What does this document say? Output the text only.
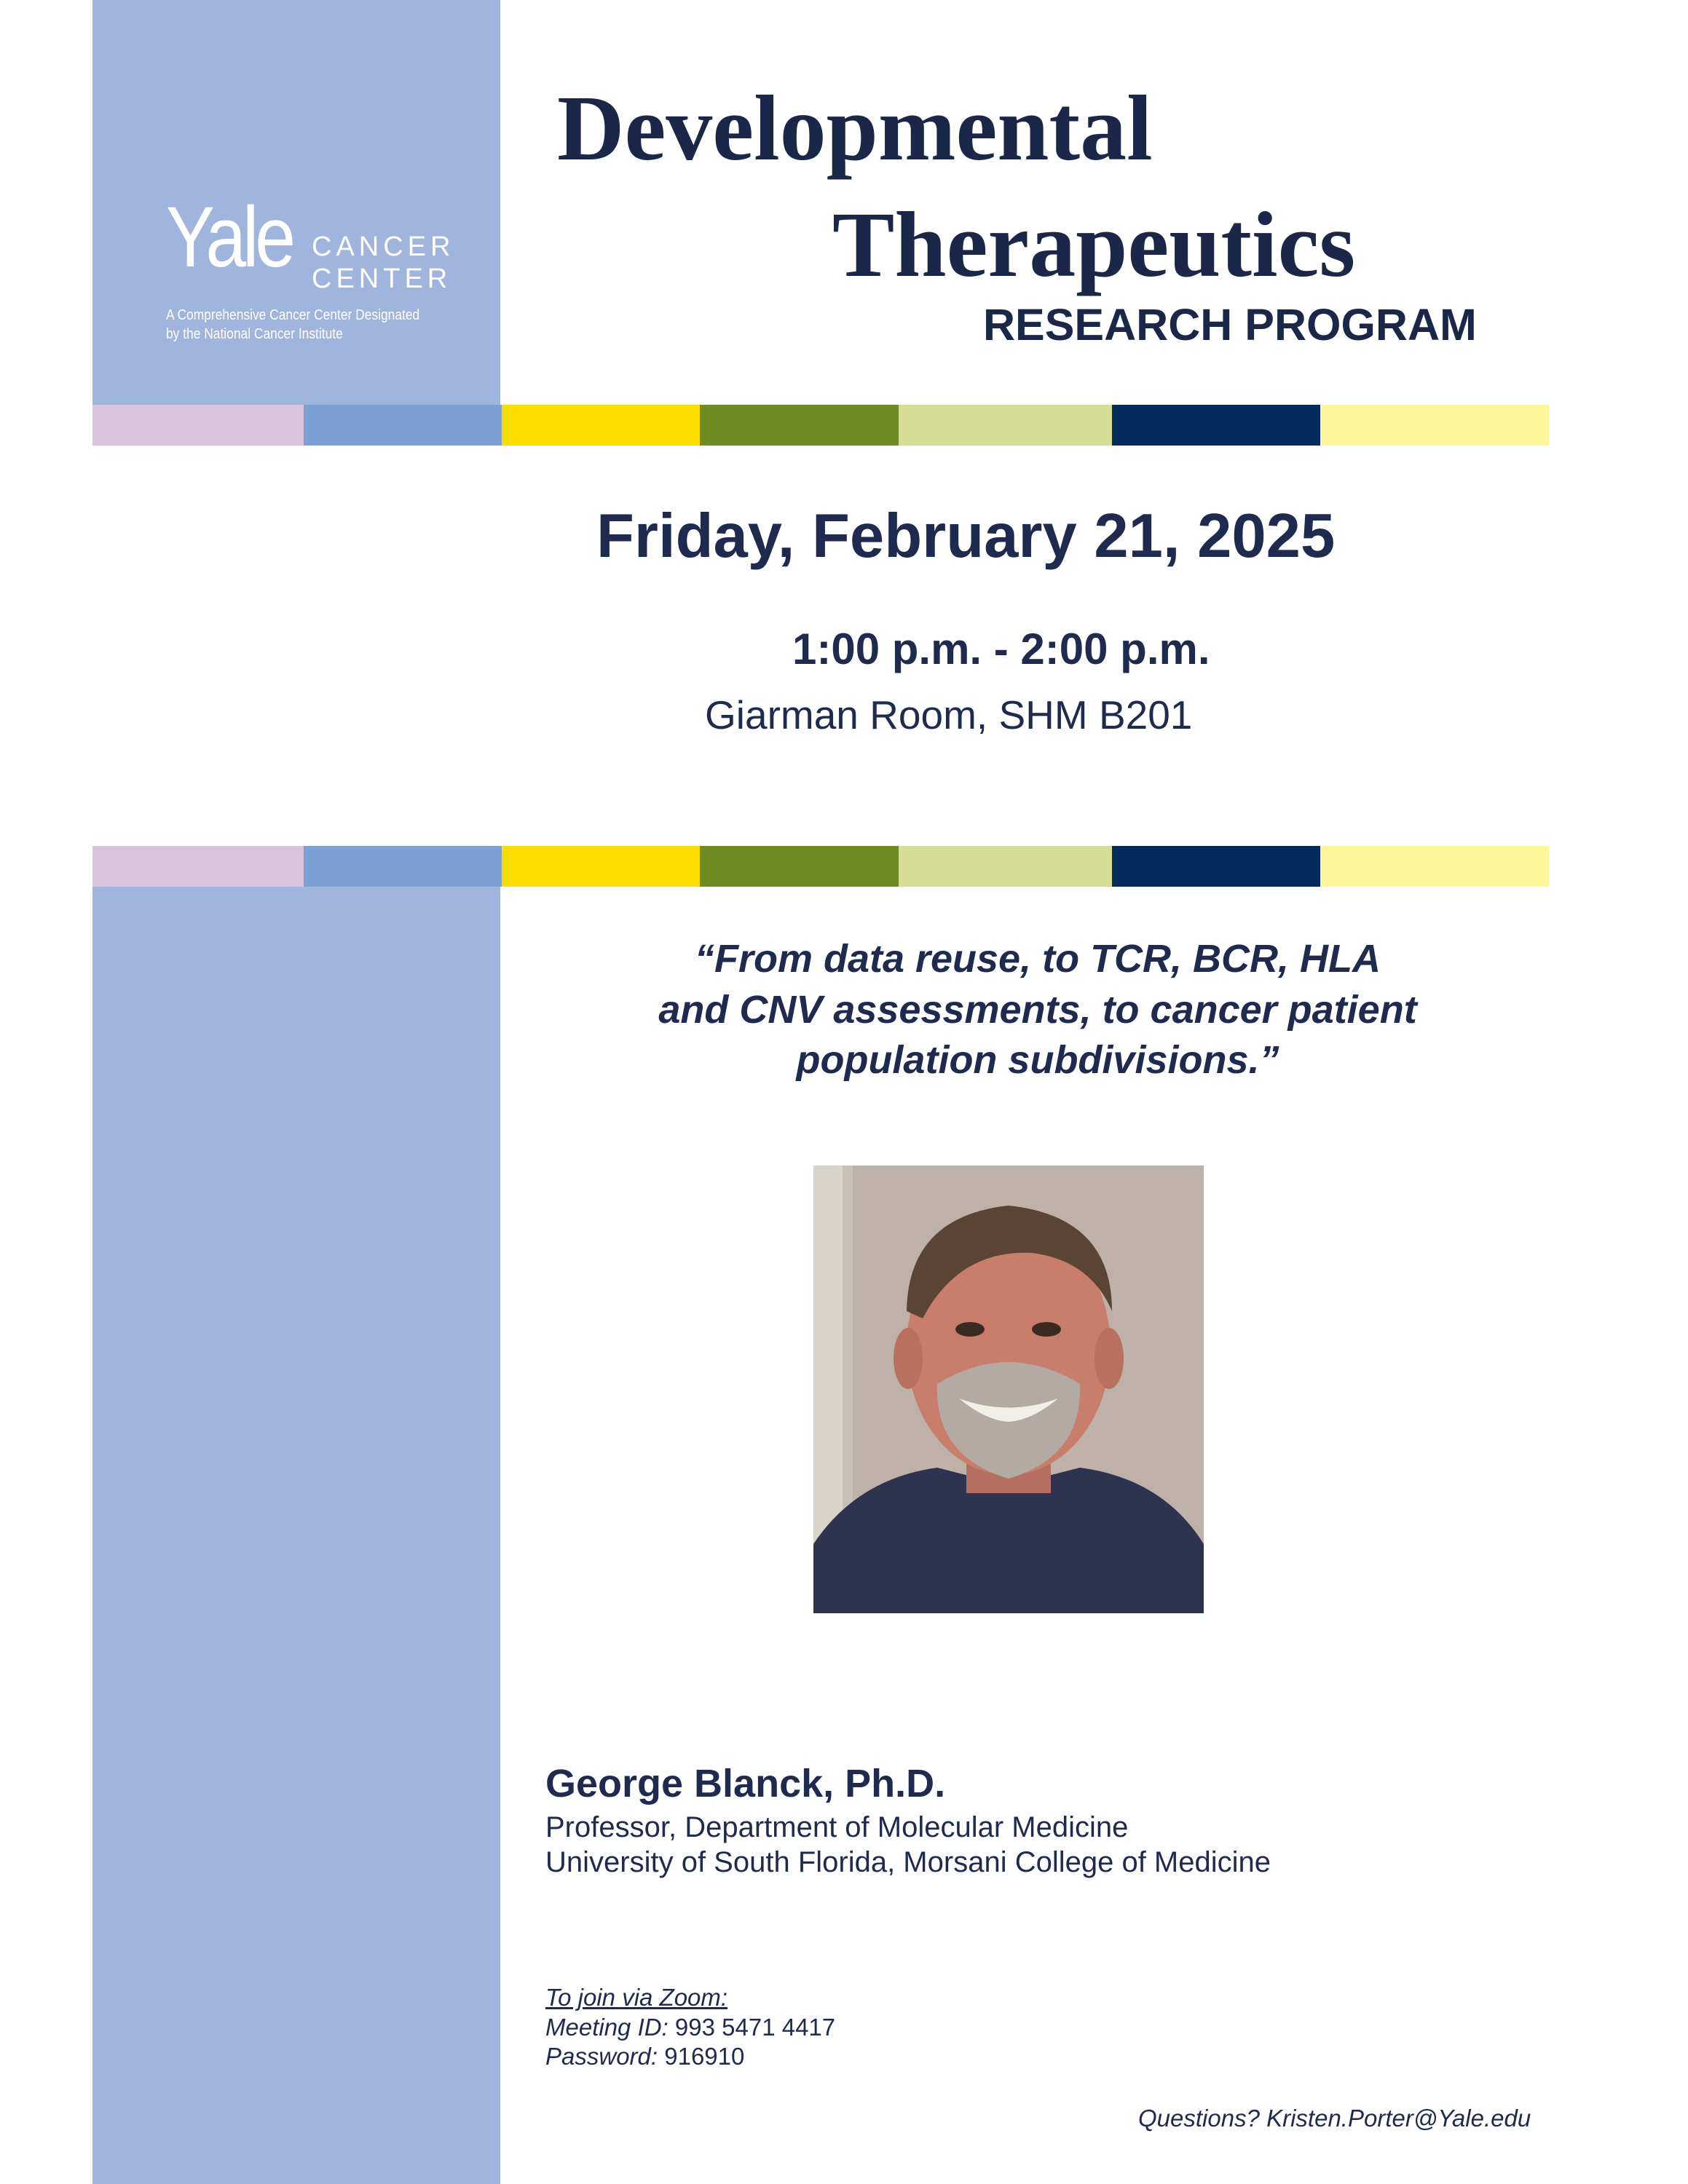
Yale CANCER
CENTER
A Comprehensive Cancer Center Designated
by the National Cancer Institute
Developmental
Therapeutics
RESEARCH PROGRAM
Friday, February 21, 2025
1:00 p.m. - 2:00 p.m.
Giarman Room, SHM B201
“From data reuse, to TCR, BCR, HLA
and CNV assessments, to cancer patient
population subdivisions.”
George Blanck, Ph.D.
Professor, Department of Molecular Medicine
University of South Florida, Morsani College of Medicine
To join via Zoom:
Meeting ID: 993 5471 4417
Password: 916910
Questions? Kristen.Porter@Yale.edu
